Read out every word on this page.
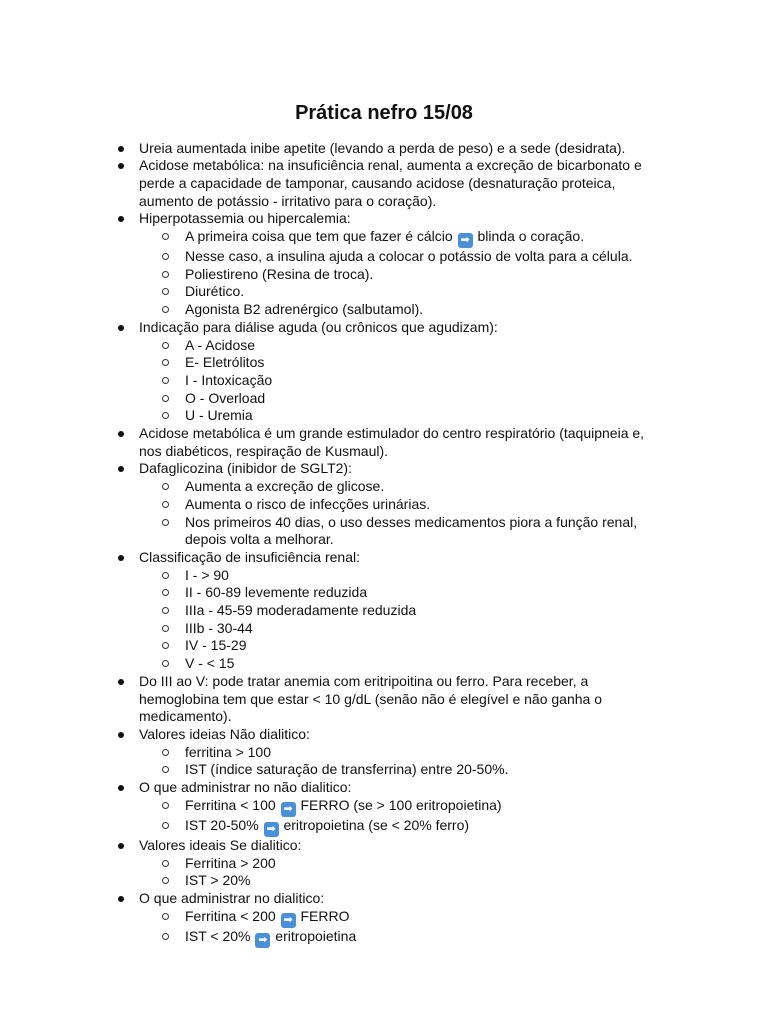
Prática nefro 15/08
Ureia aumentada inibe apetite (levando a perda de peso) e a sede (desidrata).
Acidose metabólica: na insuficiência renal, aumenta a excreção de bicarbonato e perde a capacidade de tamponar, causando acidose (desnaturação proteica, aumento de potássio - irritativo para o coração).
Hiperpotassemia ou hipercalemia:
A primeira coisa que tem que fazer é cálcio ➡ blinda o coração.
Nesse caso, a insulina ajuda a colocar o potássio de volta para a célula.
Poliestireno (Resina de troca).
Diurético.
Agonista B2 adrenérgico (salbutamol).
Indicação para diálise aguda (ou crônicos que agudizam):
A - Acidose
E- Eletrólitos
I - Intoxicação
O - Overload
U - Uremia
Acidose metabólica é um grande estimulador do centro respiratório (taquipneia e, nos diabéticos, respiração de Kusmaul).
Dafaglicozina (inibidor de SGLT2):
Aumenta a excreção de glicose.
Aumenta o risco de infecções urinárias.
Nos primeiros 40 dias, o uso desses medicamentos piora a função renal, depois volta a melhorar.
Classificação de insuficiência renal:
I - > 90
II - 60-89 levemente reduzida
IIIa - 45-59 moderadamente reduzida
IIIb - 30-44
IV - 15-29
V - < 15
Do III ao V: pode tratar anemia com eritripoitina ou ferro. Para receber, a hemoglobina tem que estar < 10 g/dL (senão não é elegível e não ganha o medicamento).
Valores ideias Não dialitico:
ferritina > 100
IST (índice saturação de transferrina) entre 20-50%.
O que administrar no não dialitico:
Ferritina < 100 ➡ FERRO (se > 100 eritropoietina)
IST 20-50% ➡ eritropoietina (se < 20% ferro)
Valores ideais Se dialitico:
Ferritina > 200
IST > 20%
O que administrar no dialitico:
Ferritina < 200 ➡ FERRO
IST < 20% ➡ eritropoietina
